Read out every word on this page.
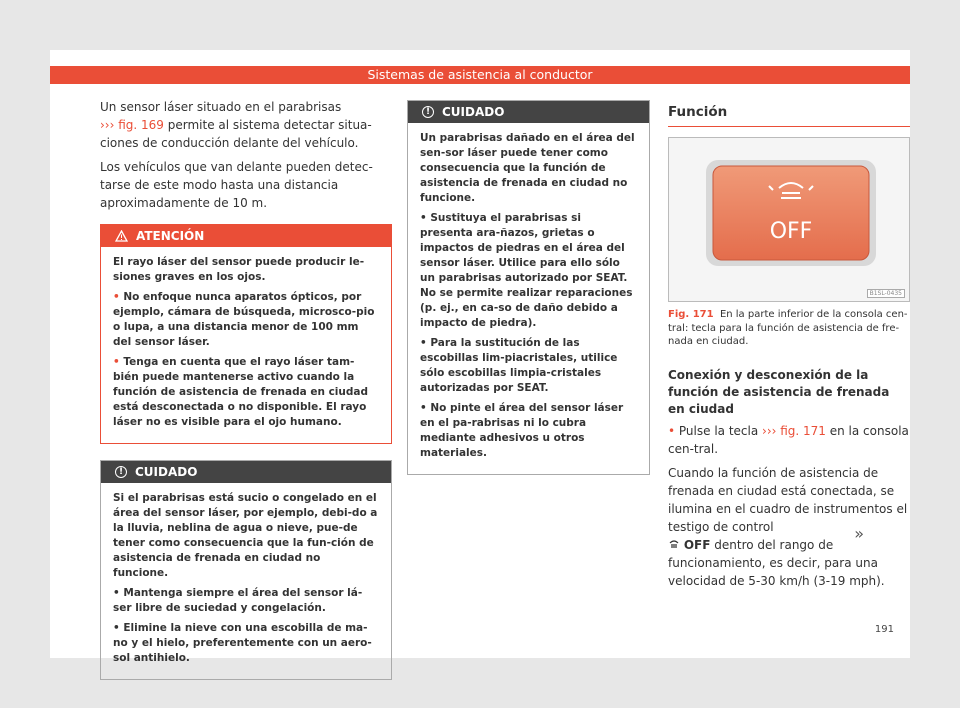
Sistemas de asistencia al conductor

Un sensor láser situado en el parabrisas
››› fig. 169 permite al sistema detectar situa-ciones de conducción delante del vehículo.

Los vehículos que van delante pueden detec-tarse de este modo hasta una distancia aproximadamente de 10 m.

ATENCIÓN

El rayo láser del sensor puede producir le-siones graves en los ojos.

• No enfoque nunca aparatos ópticos, por ejemplo, cámara de búsqueda, microsco-pio o lupa, a una distancia menor de 100 mm del sensor láser.

• Tenga en cuenta que el rayo láser tam-bién puede mantenerse activo cuando la función de asistencia de frenada en ciudad está desconectada o no disponible. El rayo láser no es visible para el ojo humano.

! CUIDADO

Si el parabrisas está sucio o congelado en el área del sensor láser, por ejemplo, debi-do a la lluvia, neblina de agua o nieve, pue-de tener como consecuencia que la fun-ción de asistencia de frenada en ciudad no funcione.

• Mantenga siempre el área del sensor lá-ser libre de suciedad y congelación.

• Elimine la nieve con una escobilla de ma-no y el hielo, preferentemente con un aero-sol antihielo.

! CUIDADO

Un parabrisas dañado en el área del sen-sor láser puede tener como consecuencia que la función de asistencia de frenada en ciudad no funcione.

• Sustituya el parabrisas si presenta ara-ñazos, grietas o impactos de piedras en el área del sensor láser. Utilice para ello sólo un parabrisas autorizado por SEAT. No se permite realizar reparaciones (p. ej., en ca-so de daño debido a impacto de piedra).

• Para la sustitución de las escobillas lim-piacristales, utilice sólo escobillas limpia-cristales autorizadas por SEAT.

• No pinte el área del sensor láser en el pa-rabrisas ni lo cubra mediante adhesivos u otros materiales.

Función
OFF
B1SL-0435

Fig. 171 En la parte inferior de la consola cen-tral: tecla para la función de asistencia de fre-nada en ciudad.

Conexión y desconexión de la función de asistencia de frenada en ciudad

• Pulse la tecla ››› fig. 171 en la consola cen-tral.

Cuando la función de asistencia de frenada en ciudad está conectada, se ilumina en el cuadro de instrumentos el testigo de control
OFF dentro del rango de funcionamiento, es decir, para una velocidad de 5-30 km/h (3-19 mph).

»
191
